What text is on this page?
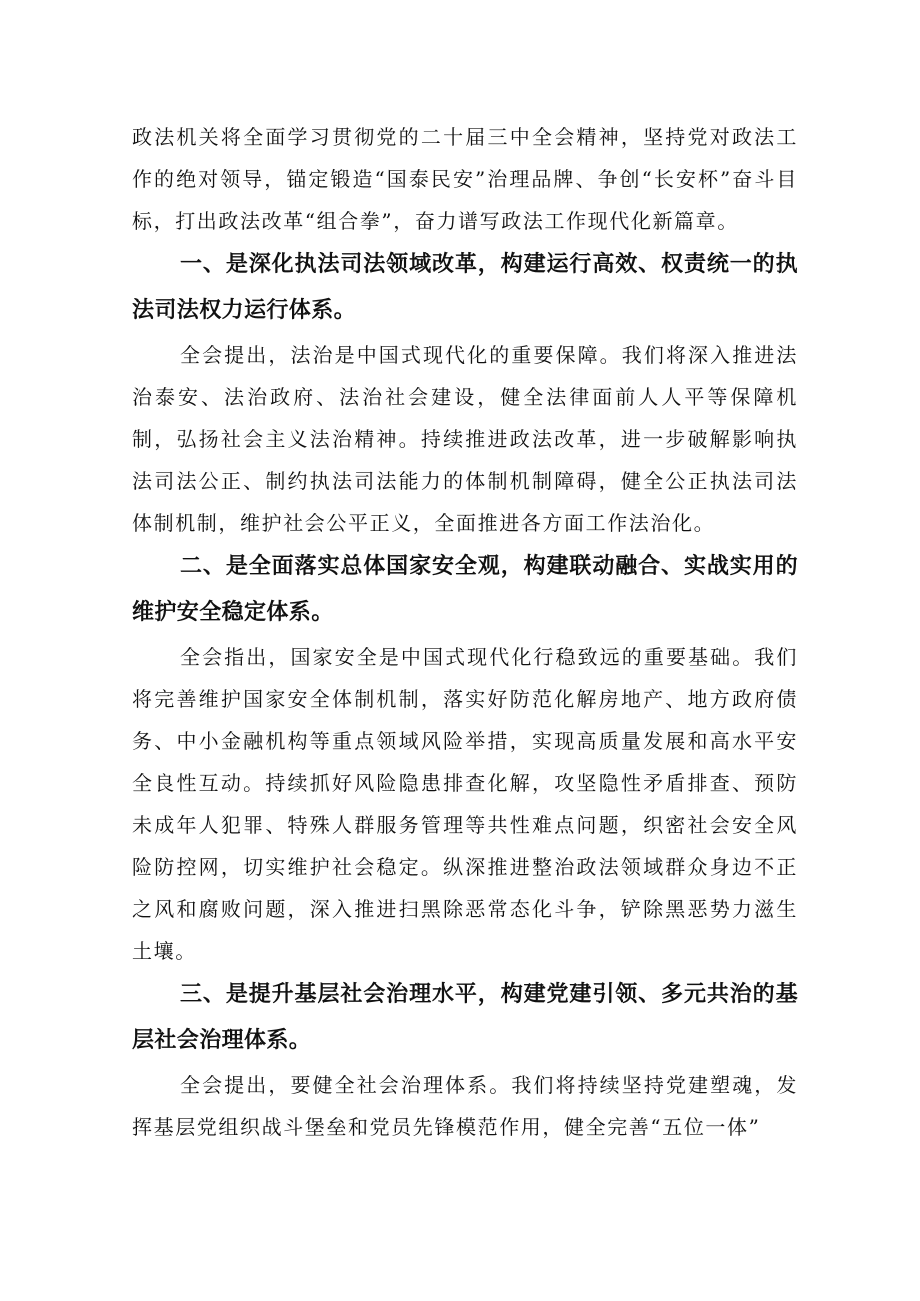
政法机关将全面学习贯彻党的二十届三中全会精神，坚持党对政法工作的绝对领导，锚定锻造“国泰民安”治理品牌、争创“长安杯”奋斗目标，打出政法改革“组合拳”，奋力谱写政法工作现代化新篇章。

一、是深化执法司法领域改革，构建运行高效、权责统一的执法司法权力运行体系。

全会提出，法治是中国式现代化的重要保障。我们将深入推进法治泰安、法治政府、法治社会建设，健全法律面前人人平等保障机制，弘扬社会主义法治精神。持续推进政法改革，进一步破解影响执法司法公正、制约执法司法能力的体制机制障碍，健全公正执法司法体制机制，维护社会公平正义，全面推进各方面工作法治化。

二、是全面落实总体国家安全观，构建联动融合、实战实用的维护安全稳定体系。

全会指出，国家安全是中国式现代化行稳致远的重要基础。我们将完善维护国家安全体制机制，落实好防范化解房地产、地方政府债务、中小金融机构等重点领域风险举措，实现高质量发展和高水平安全良性互动。持续抓好风险隐患排查化解，攻坚隐性矛盾排查、预防未成年人犯罪、特殊人群服务管理等共性难点问题，织密社会安全风险防控网，切实维护社会稳定。纵深推进整治政法领域群众身边不正之风和腐败问题，深入推进扫黑除恶常态化斗争，铲除黑恶势力滋生土壤。

三、是提升基层社会治理水平，构建党建引领、多元共治的基层社会治理体系。

全会提出，要健全社会治理体系。我们将持续坚持党建塑魂，发挥基层党组织战斗堡垒和党员先锋模范作用，健全完善“五位一体”
